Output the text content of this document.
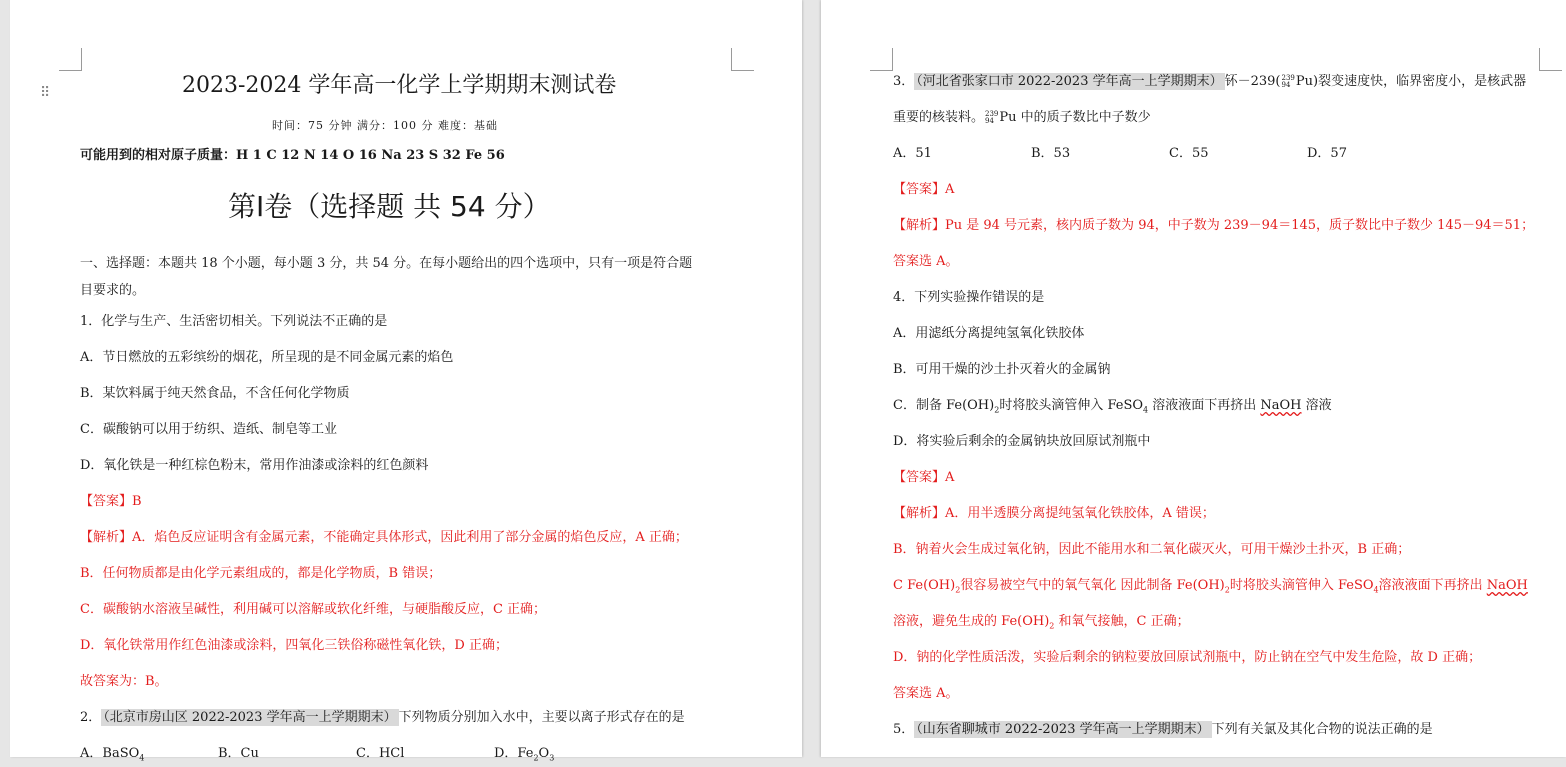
⠿	2023-2024 学年高一化学上学期期末测试卷
时间：75 分钟 满分：100 分 难度：基础
可能用到的相对原子质量：H 1 C 12 N 14 O 16 Na 23 S 32 Fe 56
第Ⅰ卷（选择题 共 54 分）
一、选择题：本题共 18 个小题，每小题 3 分，共 54 分。在每小题给出的四个选项中，只有一项是符合题
目要求的。
1．化学与生产、生活密切相关。下列说法不正确的是
A．节日燃放的五彩缤纷的烟花，所呈现的是不同金属元素的焰色
B．某饮料属于纯天然食品，不含任何化学物质
C．碳酸钠可以用于纺织、造纸、制皂等工业
D．氧化铁是一种红棕色粉末，常用作油漆或涂料的红色颜料
【答案】B
【解析】A．焰色反应证明含有金属元素，不能确定具体形式，因此利用了部分金属的焰色反应，A 正确；
B．任何物质都是由化学元素组成的，都是化学物质，B 错误；
C．碳酸钠水溶液呈碱性，利用碱可以溶解或软化纤维，与硬脂酸反应，C 正确；
D．氧化铁常用作红色油漆或涂料，四氧化三铁俗称磁性氧化铁，D 正确；
故答案为：B。
2． （北京市房山区 2022-2023 学年高一上学期期末） 下列物质分别加入水中，主要以离子形式存在的是
A．BaSO$_4$	B．Cu	C．HCl	D．$Fe_2O_3$
3． （河北省张家口市 2022-2023 学年高一上学期期末） 钚－239(239
94 Pu)裂变速度快，临界密度小，是核武器
重要的核装料。239
94 Pu 中的质子数比中子数少
A．51	B．53	C．55	D．57
【答案】A
【解析】Pu 是 94 号元素，核内质子数为 94，中子数为 239－94＝145，质子数比中子数少 145－94＝51；
答案选 A。
4．下列实验操作错误的是
A．用滤纸分离提纯氢氧化铁胶体
B．可用干燥的沙土扑灭着火的金属钠
C．制备 $Fe(OH)_2$时将胶头滴管伸入 FeSO$_4$ 溶液液面下再挤出 NaOH 溶液
D．将实验后剩余的金属钠块放回原试剂瓶中
【答案】A
【解析】A．用半透膜分离提纯氢氧化铁胶体，A 错误；
B．钠着火会生成过氧化钠，因此不能用水和二氧化碳灭火，可用干燥沙土扑灭，B 正确；
C $Fe(OH)_2$很容易被空气中的氧气氧化 因此制备 $Fe(OH)_2$时将胶头滴管伸入 FeSO$_4$溶液液面下再挤出 NaOH
溶液，避免生成的 $Fe(OH)_2$ 和氧气接触，C 正确；
D．钠的化学性质活泼，实验后剩余的钠粒要放回原试剂瓶中，防止钠在空气中发生危险，故 D 正确；
答案选 A。
5． （山东省聊城市 2022-2023 学年高一上学期期末） 下列有关氯及其化合物的说法正确的是
